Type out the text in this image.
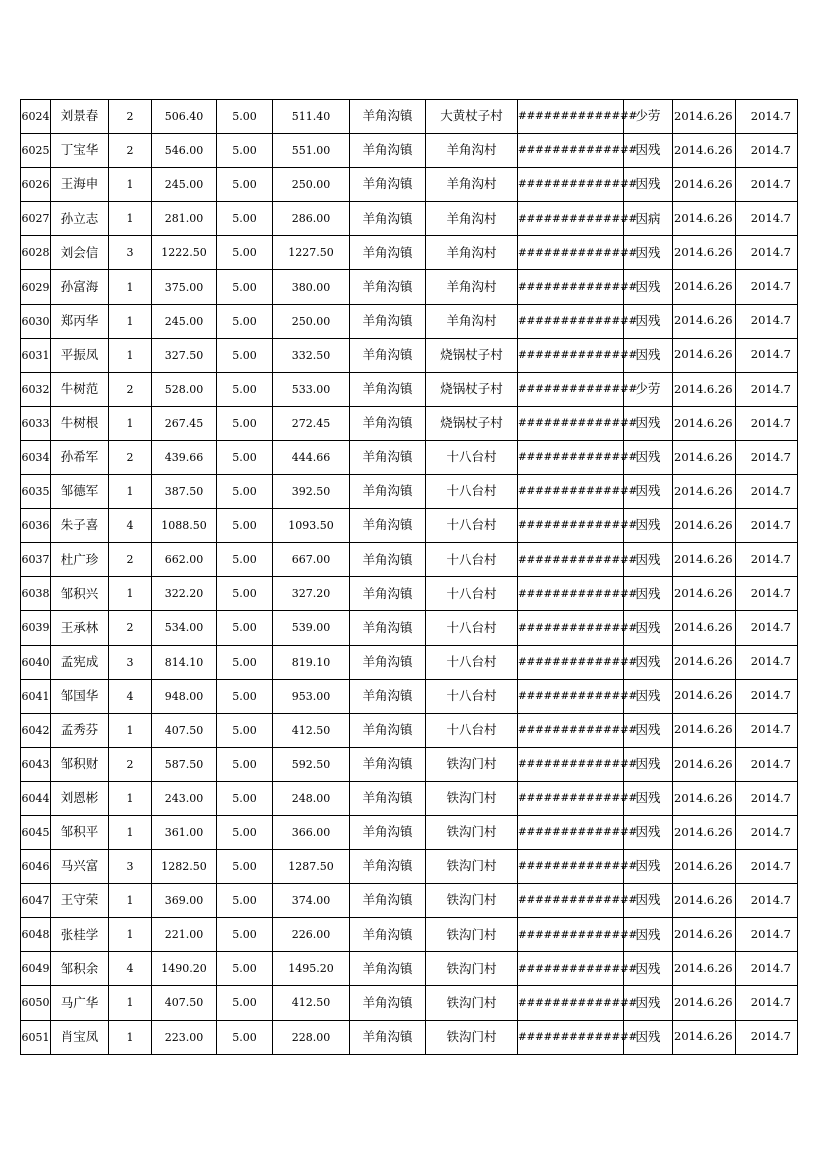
6024	刘景春	2	506.40	5.00	511.40	羊角沟镇	大黄杖子村	##############	少劳	2014.6.26	2014.7
6025	丁宝华	2	546.00	5.00	551.00	羊角沟镇	羊角沟村	##############	因残	2014.6.26	2014.7
6026	王海申	1	245.00	5.00	250.00	羊角沟镇	羊角沟村	##############	因残	2014.6.26	2014.7
6027	孙立志	1	281.00	5.00	286.00	羊角沟镇	羊角沟村	##############	因病	2014.6.26	2014.7
6028	刘会信	3	1222.50	5.00	1227.50	羊角沟镇	羊角沟村	##############	因残	2014.6.26	2014.7
6029	孙富海	1	375.00	5.00	380.00	羊角沟镇	羊角沟村	##############	因残	2014.6.26	2014.7
6030	郑丙华	1	245.00	5.00	250.00	羊角沟镇	羊角沟村	##############	因残	2014.6.26	2014.7
6031	平振凤	1	327.50	5.00	332.50	羊角沟镇	烧锅杖子村	##############	因残	2014.6.26	2014.7
6032	牛树范	2	528.00	5.00	533.00	羊角沟镇	烧锅杖子村	##############	少劳	2014.6.26	2014.7
6033	牛树根	1	267.45	5.00	272.45	羊角沟镇	烧锅杖子村	##############	因残	2014.6.26	2014.7
6034	孙希军	2	439.66	5.00	444.66	羊角沟镇	十八台村	##############	因残	2014.6.26	2014.7
6035	邹德军	1	387.50	5.00	392.50	羊角沟镇	十八台村	##############	因残	2014.6.26	2014.7
6036	朱子喜	4	1088.50	5.00	1093.50	羊角沟镇	十八台村	##############	因残	2014.6.26	2014.7
6037	杜广珍	2	662.00	5.00	667.00	羊角沟镇	十八台村	##############	因残	2014.6.26	2014.7
6038	邹积兴	1	322.20	5.00	327.20	羊角沟镇	十八台村	##############	因残	2014.6.26	2014.7
6039	王承林	2	534.00	5.00	539.00	羊角沟镇	十八台村	##############	因残	2014.6.26	2014.7
6040	孟宪成	3	814.10	5.00	819.10	羊角沟镇	十八台村	##############	因残	2014.6.26	2014.7
6041	邹国华	4	948.00	5.00	953.00	羊角沟镇	十八台村	##############	因残	2014.6.26	2014.7
6042	孟秀芬	1	407.50	5.00	412.50	羊角沟镇	十八台村	##############	因残	2014.6.26	2014.7
6043	邹积财	2	587.50	5.00	592.50	羊角沟镇	铁沟门村	##############	因残	2014.6.26	2014.7
6044	刘恩彬	1	243.00	5.00	248.00	羊角沟镇	铁沟门村	##############	因残	2014.6.26	2014.7
6045	邹积平	1	361.00	5.00	366.00	羊角沟镇	铁沟门村	##############	因残	2014.6.26	2014.7
6046	马兴富	3	1282.50	5.00	1287.50	羊角沟镇	铁沟门村	##############	因残	2014.6.26	2014.7
6047	王守荣	1	369.00	5.00	374.00	羊角沟镇	铁沟门村	##############	因残	2014.6.26	2014.7
6048	张桂学	1	221.00	5.00	226.00	羊角沟镇	铁沟门村	##############	因残	2014.6.26	2014.7
6049	邹积余	4	1490.20	5.00	1495.20	羊角沟镇	铁沟门村	##############	因残	2014.6.26	2014.7
6050	马广华	1	407.50	5.00	412.50	羊角沟镇	铁沟门村	##############	因残	2014.6.26	2014.7
6051	肖宝凤	1	223.00	5.00	228.00	羊角沟镇	铁沟门村	##############	因残	2014.6.26	2014.7
